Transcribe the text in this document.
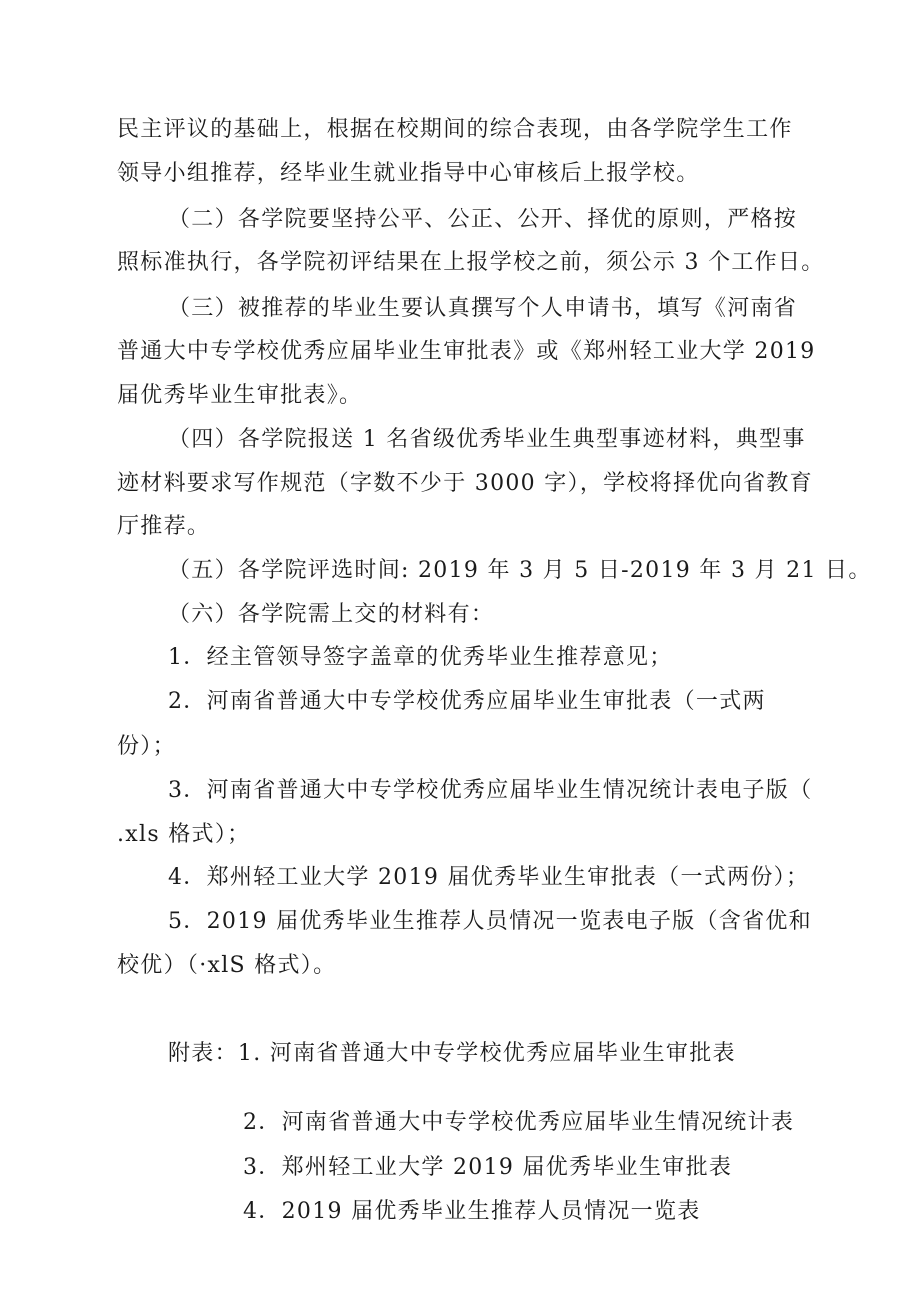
民主评议的基础上，根据在校期间的综合表现，由各学院学生工作
领导小组推荐，经毕业生就业指导中心审核后上报学校。
（二）各学院要坚持公平、公正、公开、择优的原则，严格按
照标准执行，各学院初评结果在上报学校之前，须公示 3 个工作日。
（三）被推荐的毕业生要认真撰写个人申请书，填写《河南省
普通大中专学校优秀应届毕业生审批表》或《郑州轻工业大学 2019
届优秀毕业生审批表》。
（四）各学院报送 1 名省级优秀毕业生典型事迹材料，典型事
迹材料要求写作规范（字数不少于 3000 字），学校将择优向省教育
厅推荐。
（五）各学院评选时间: 2019 年 3 月 5 日-2019 年 3 月 21 日。
（六）各学院需上交的材料有：
1．经主管领导签字盖章的优秀毕业生推荐意见；
2．河南省普通大中专学校优秀应届毕业生审批表（一式两
份）；
3．河南省普通大中专学校优秀应届毕业生情况统计表电子版（
.xls 格式）；
4．郑州轻工业大学 2019 届优秀毕业生审批表（一式两份）；
5．2019 届优秀毕业生推荐人员情况一览表电子版（含省优和
校优）（·xlS 格式）。
附表：1. 河南省普通大中专学校优秀应届毕业生审批表
2．河南省普通大中专学校优秀应届毕业生情况统计表
3．郑州轻工业大学 2019 届优秀毕业生审批表
4．2019 届优秀毕业生推荐人员情况一览表
